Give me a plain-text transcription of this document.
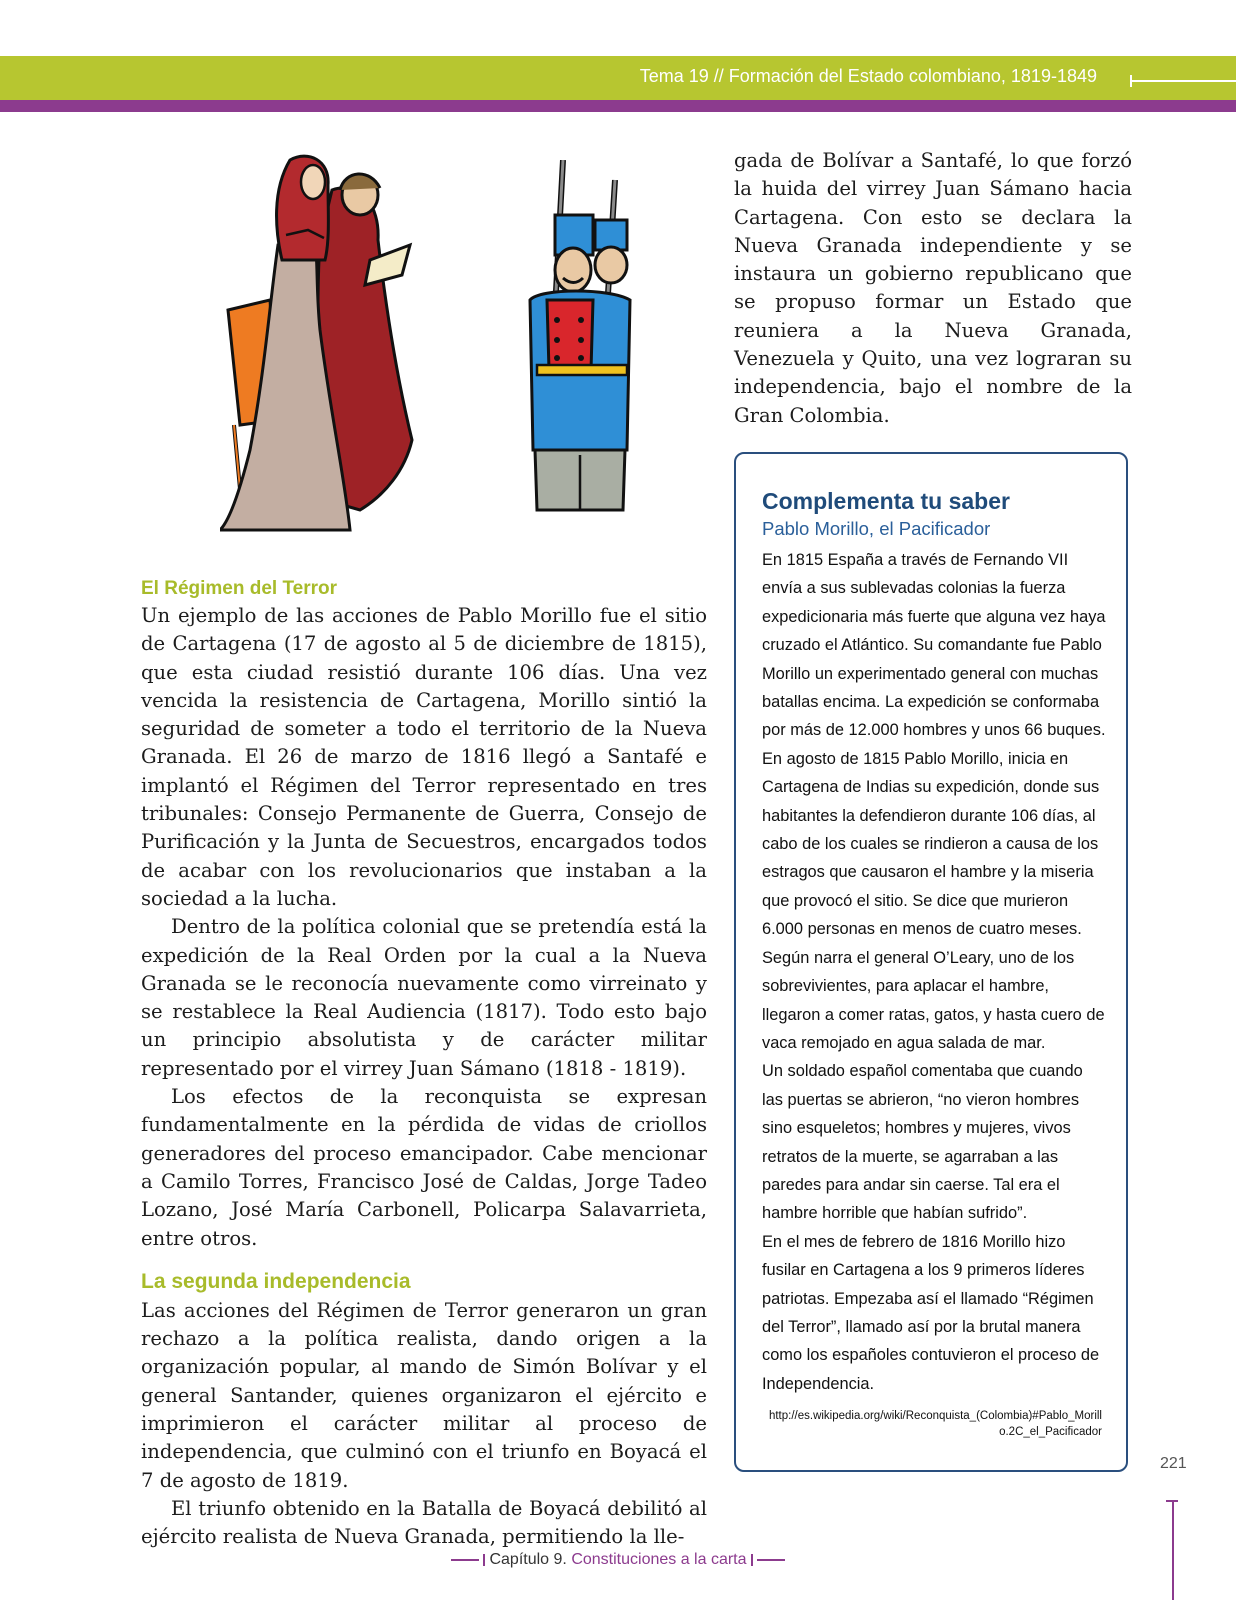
Tema 19 // Formación del Estado colombiano, 1819-1849

gada de Bolívar a Santafé, lo que forzó la huida del virrey Juan Sámano hacia Cartagena. Con esto se declara la Nueva Granada independiente y se instaura un gobierno republicano que se propuso formar un Estado que reuniera a la Nueva Granada, Venezuela y Quito, una vez lograran su independencia, bajo el nombre de la Gran Colombia.

El Régimen del Terror

Un ejemplo de las acciones de Pablo Morillo fue el sitio de Cartagena (17 de agosto al 5 de diciembre de 1815), que esta ciudad resistió durante 106 días. Una vez vencida la resistencia de Cartagena, Morillo sintió la seguridad de someter a todo el territorio de la Nueva Granada. El 26 de marzo de 1816 llegó a Santafé e implantó el Régimen del Terror representado en tres tribunales: Consejo Permanente de Guerra, Consejo de Purificación y la Junta de Secuestros, encargados todos de acabar con los revolucionarios que instaban a la sociedad a la lucha.

Dentro de la política colonial que se pretendía está la expedición de la Real Orden por la cual a la Nueva Granada se le reconocía nuevamente como virreinato y se restablece la Real Audiencia (1817). Todo esto bajo un principio absolutista y de carácter militar representado por el virrey Juan Sámano (1818 - 1819).

Los efectos de la reconquista se expresan fundamentalmente en la pérdida de vidas de criollos generadores del proceso emancipador. Cabe mencionar a Camilo Torres, Francisco José de Caldas, Jorge Tadeo Lozano, José María Carbonell, Policarpa Salavarrieta, entre otros.

La segunda independencia

Las acciones del Régimen de Terror generaron un gran rechazo a la política realista, dando origen a la organización popular, al mando de Simón Bolívar y el general Santander, quienes organizaron el ejército e imprimieron el carácter militar al proceso de independencia, que culminó con el triunfo en Boyacá el 7 de agosto de 1819.

El triunfo obtenido en la Batalla de Boyacá debilitó al ejército realista de Nueva Granada, permitiendo la lle-

Complementa tu saber
Pablo Morillo, el Pacificador

En 1815 España a través de Fernando VII envía a sus sublevadas colonias la fuerza expedicionaria más fuerte que alguna vez haya cruzado el Atlántico. Su comandante fue Pablo Morillo un experimentado general con muchas batallas encima. La expedición se conformaba por más de 12.000 hombres y unos 66 buques.

En agosto de 1815 Pablo Morillo, inicia en Cartagena de Indias su expedición, donde sus habitantes la defendieron durante 106 días, al cabo de los cuales se rindieron a causa de los estragos que causaron el hambre y la miseria que provocó el sitio. Se dice que murieron 6.000 personas en menos de cuatro meses.

Según narra el general O’Leary, uno de los sobrevivientes, para aplacar el hambre, llegaron a comer ratas, gatos, y hasta cuero de vaca remojado en agua salada de mar.

Un soldado español comentaba que cuando las puertas se abrieron, “no vieron hombres sino esqueletos; hombres y mujeres, vivos retratos de la muerte, se agarraban a las paredes para andar sin caerse. Tal era el hambre horrible que habían sufrido”.

En el mes de febrero de 1816 Morillo hizo fusilar en Cartagena a los 9 primeros líderes patriotas. Empezaba así el llamado “Régimen del Terror”, llamado así por la brutal manera como los españoles contuvieron el proceso de Independencia.

http://es.wikipedia.org/wiki/Reconquista_(Colombia)#Pablo_Morillo.2C_el_Pacificador
221
Capítulo 9. Constituciones a la carta
